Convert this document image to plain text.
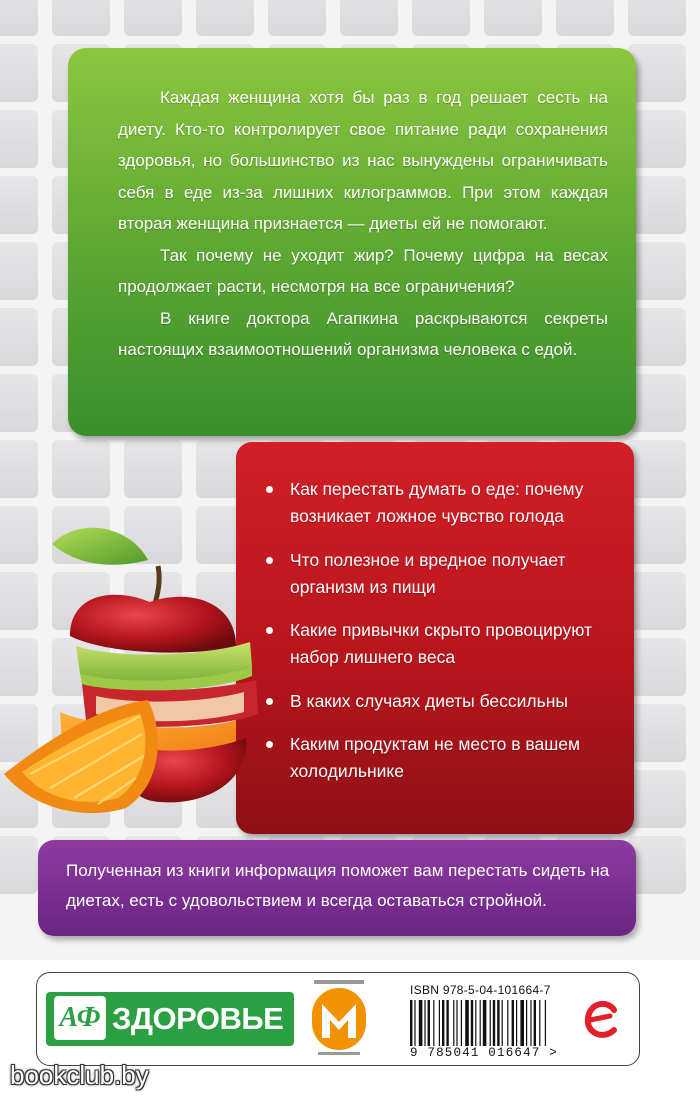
Каждая женщина хотя бы раз в год решает сесть на диету. Кто-то контролирует свое питание ради сохранения здоровья, но большинство из нас вынуждены ограничивать себя в еде из-за лишних килограммов. При этом каждая вторая женщина признается — диеты ей не помогают.

Так почему не уходит жир? Почему цифра на весах продолжает расти, несмотря на все ограничения?

В книге доктора Агапкина раскрываются секреты настоящих взаимоотношений организма человека с едой.

Как перестать думать о еде: почему возникает ложное чувство голода
Что полезное и вредное получает организм из пищи
Какие привычки скрыто провоцируют набор лишнего веса
В каких случаях диеты бессильны
Каким продуктам не место в вашем холодильнике
Полученная из книги информация поможет вам перестать сидеть на диетах, есть с удовольствием и всегда оставаться стройной.
АФ ЗДОРОВЬЕ
ISBN 978-5-04-101664-7
9 785041 016647 >
bookclub.by
